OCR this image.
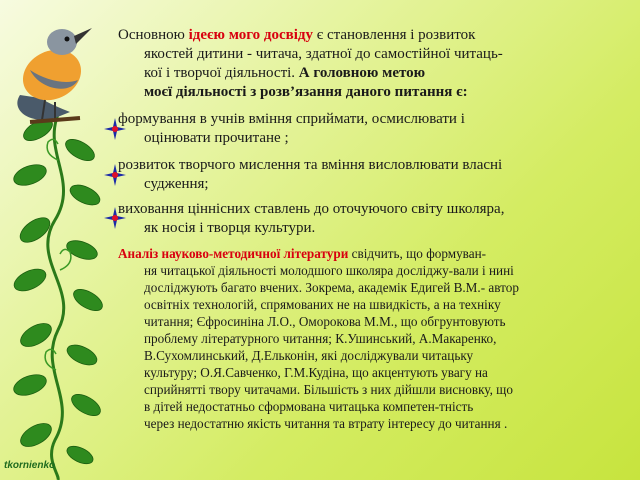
tkornienko

Основною ідеєю мого досвіду є становлення і розвиток

якостей дитини - читача, здатної до самостійної читаць-

кої і творчої діяльності. А головною метою

моєї діяльності з розв’язання даного питання є:

формування в учнів вміння сприймати, осмислювати і

оцінювати прочитане ;

розвиток творчого мислення та вміння висловлювати власні

судження;

виховання ціннісних ставлень до оточуючого світу школяра,

як носія і творця культури.

Аналіз науково-методичної літератури свідчить, що формуван-

ня читацької діяльності молодшого школяра досліджу-вали і нині

досліджують багато вчених. Зокрема, академік Едигей В.М.- автор

освітніх технологій, спрямованих не на швидкість, а на техніку

читання; Єфросиніна Л.О., Оморокова М.М., що обгрунтовують

проблему літературного читання; К.Ушинський, А.Макаренко,

В.Сухомлинський, Д.Ельконін, які досліджували читацьку

культуру; О.Я.Савченко, Г.М.Кудіна, що акцентують увагу на

сприйнятті твору читачами. Більшість з них дійшли висновку, що

в дітей недостатньо сформована читацька компетен-тність

через недостатню якість читання та втрату інтересу до читання .
